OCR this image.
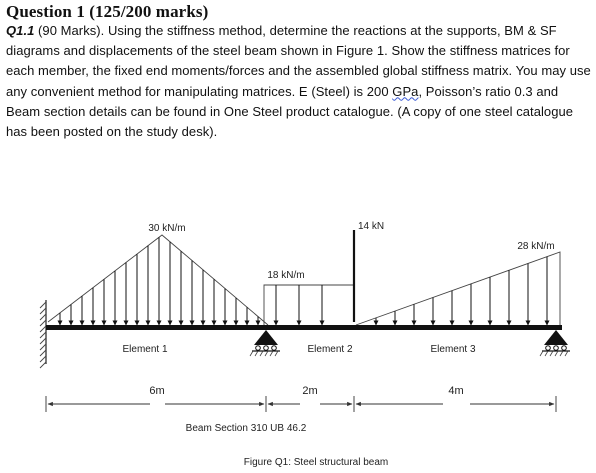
Question 1 (125/200 marks)

Q1.1 (90 Marks). Using the stiffness method, determine the reactions at the supports, BM & SF diagrams and displacements of the steel beam shown in Figure 1. Show the stiffness matrices for each member, the fixed end moments/forces and the assembled global stiffness matrix. You may use any convenient method for manipulating matrices. E (Steel) is 200 GPa, Poisson’s ratio 0.3 and Beam section details can be found in One Steel product catalogue. (A copy of one steel catalogue has been posted on the study desk).

30 kN/m
18 kN/m
14 kN
28 kN/m
Element 1	Element 2	Element 3
6m	2m	4m
Beam Section 310 UB 46.2
Figure Q1: Steel structural beam
